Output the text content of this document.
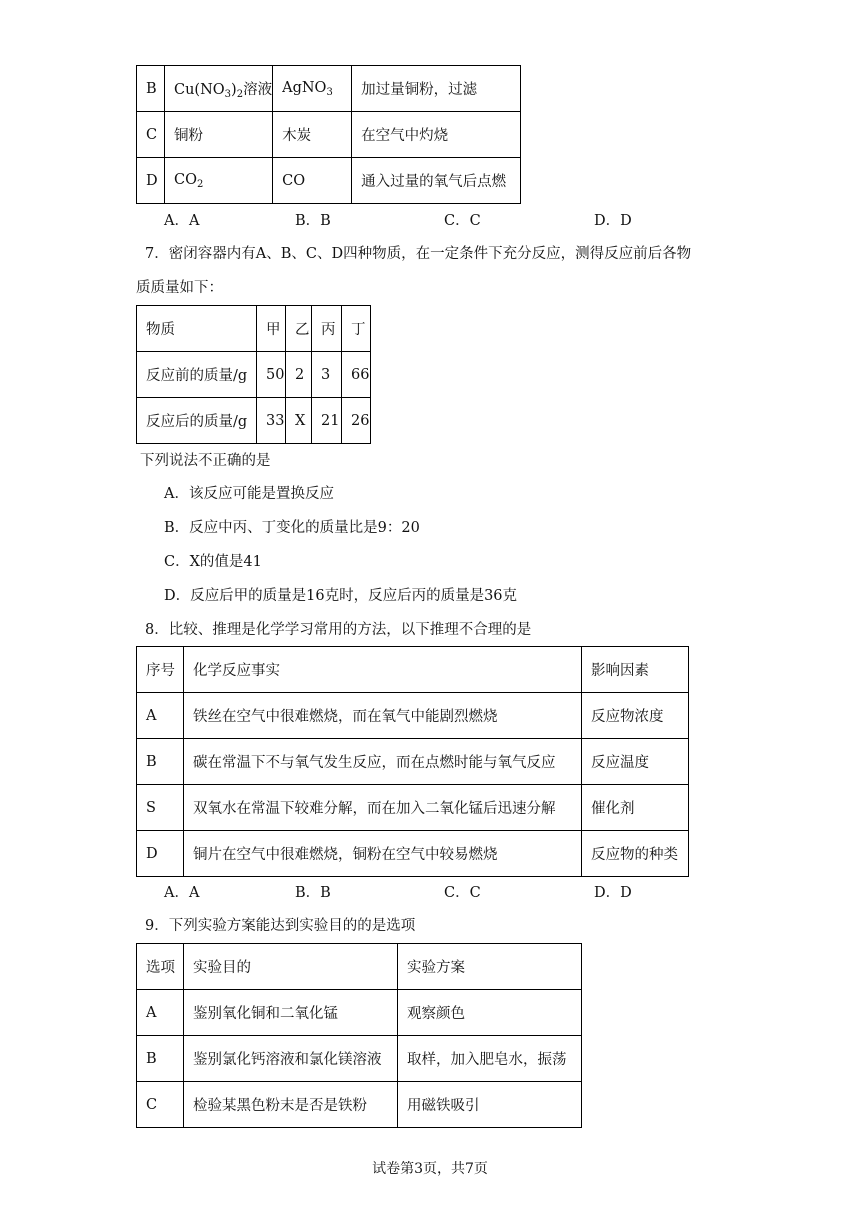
B	$Cu(NO_3)_2$溶液	AgNO$_3$	加过量铜粉，过滤
C	铜粉	木炭	在空气中灼烧
D	$CO_2$	CO	通入过量的氧气后点燃
A．A	B．B	C．C	D．D
7．密闭容器内有A、B、C、D四种物质，在一定条件下充分反应，测得反应前后各物
质质量如下：
物质	甲	乙	丙	丁
反应前的质量/g	50	2	3	66
反应后的质量/g	33	X	21	26
下列说法不正确的是
A．该反应可能是置换反应
B．反应中丙、丁变化的质量比是9：20
C．X的值是41
D．反应后甲的质量是16克时，反应后丙的质量是36克
8．比较、推理是化学学习常用的方法，以下推理不合理的是
序号	化学反应事实	影响因素
A	铁丝在空气中很难燃烧，而在氧气中能剧烈燃烧	反应物浓度
B	碳在常温下不与氧气发生反应，而在点燃时能与氧气反应	反应温度
S	双氧水在常温下较难分解，而在加入二氧化锰后迅速分解	催化剂
D	铜片在空气中很难燃烧，铜粉在空气中较易燃烧	反应物的种类
A．A	B．B	C．C	D．D
9．下列实验方案能达到实验目的的是选项
选项	实验目的	实验方案
A	鉴别氧化铜和二氧化锰	观察颜色
B	鉴别氯化钙溶液和氯化镁溶液	取样，加入肥皂水，振荡
C	检验某黑色粉末是否是铁粉	用磁铁吸引
试卷第3页，共7页
